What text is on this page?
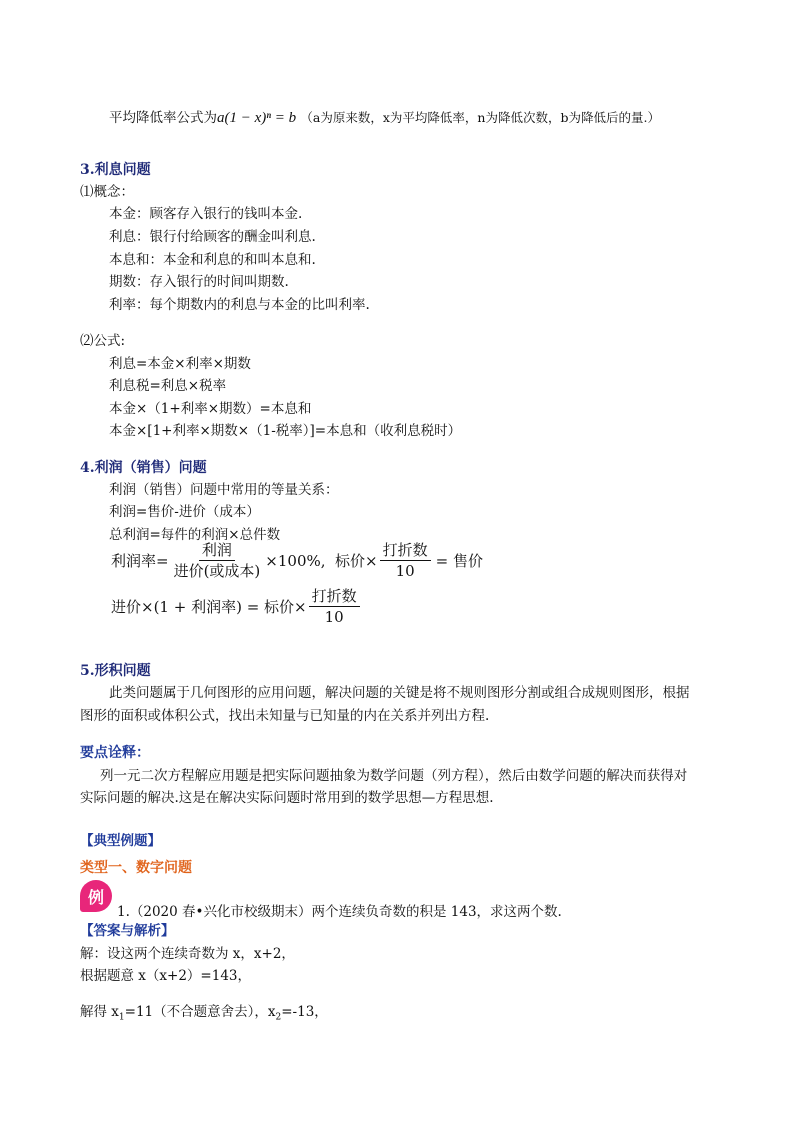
平均降低率公式为a(1 − x)ⁿ = b （a为原来数，x为平均降低率，n为降低次数，b为降低后的量.）
3.利息问题
⑴概念：
本金：顾客存入银行的钱叫本金.
利息：银行付给顾客的酬金叫利息.
本息和：本金和利息的和叫本息和.
期数：存入银行的时间叫期数.
利率：每个期数内的利息与本金的比叫利率.
⑵公式:
利息=本金×利率×期数
利息税=利息×税率
本金×（1+利率×期数）=本息和
本金×[1+利率×期数×（1-税率）]=本息和（收利息税时）
4.利润（销售）问题
利润（销售）问题中常用的等量关系：
利润=售价-进价（成本）
总利润=每件的利润×总件数
利润率= $\frac{\text{利润}}{\text{进价(或成本)}} \times 100\%$,  标价× $\frac{\text{打折数}}{10}$ = 售价
进价×(1 + 利润率) = 标价× $\frac{\text{打折数}}{10}$
5.形积问题
此类问题属于几何图形的应用问题，解决问题的关键是将不规则图形分割或组合成规则图形，根据
图形的面积或体积公式，找出未知量与已知量的内在关系并列出方程.
要点诠释：
列一元二次方程解应用题是把实际问题抽象为数学问题（列方程），然后由数学问题的解决而获得对
实际问题的解决.这是在解决实际问题时常用到的数学思想—方程思想.
【典型例题】
类型一、数字问题
例
1.（2020 春•兴化市校级期末）两个连续负奇数的积是 143，求这两个数.
【答案与解析】
解：设这两个连续奇数为 x，x+2，
根据题意 x（x+2）=143，
解得 $x_1=11$（不合题意舍去），$x_2=-13$，
